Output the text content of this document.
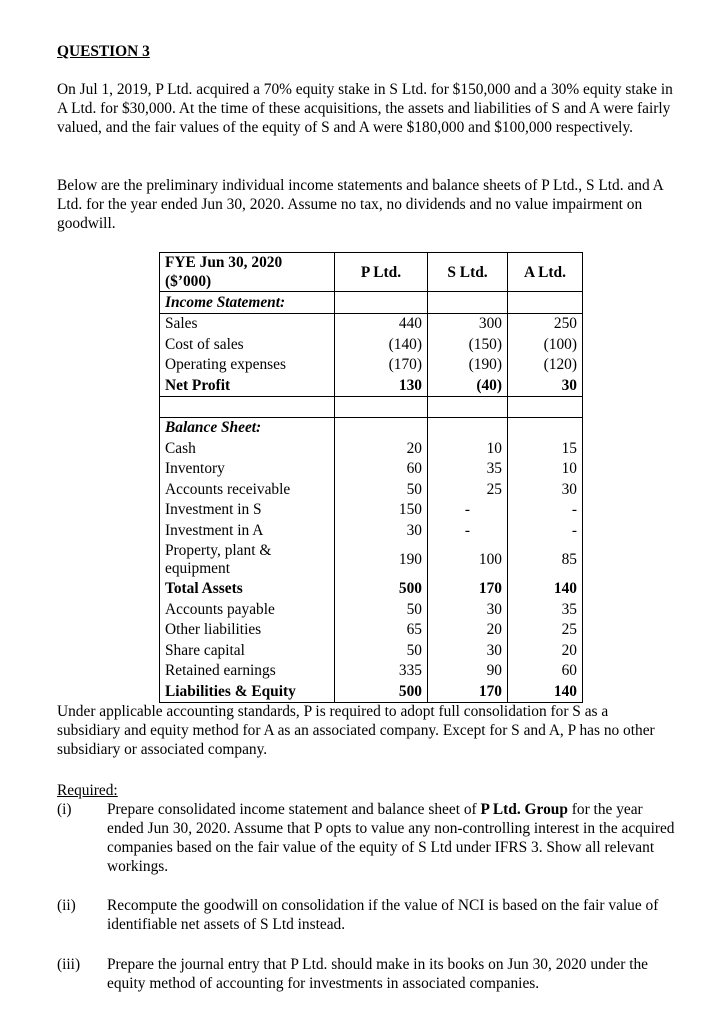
QUESTION 3

On Jul 1, 2019, P Ltd. acquired a 70% equity stake in S Ltd. for $150,000 and a 30% equity stake in A Ltd. for $30,000. At the time of these acquisitions, the assets and liabilities of S and A were fairly valued, and the fair values of the equity of S and A were $180,000 and $100,000 respectively.

Below are the preliminary individual income statements and balance sheets of P Ltd., S Ltd. and A Ltd. for the year ended Jun 30, 2020. Assume no tax, no dividends and no value impairment on goodwill.

FYE Jun 30, 2020 ($’000)	P Ltd.	S Ltd.	A Ltd.
Income Statement:			
Sales	440	300	250
Cost of sales	(140)	(150)	(100)
Operating expenses	(170)	(190)	(120)
Net Profit	130	(40)	30

Balance Sheet:			
Cash	20	10	15
Inventory	60	35	10
Accounts receivable	50	25	30
Investment in S	150	-	-
Investment in A	30	-	-
Property, plant & equipment	190	100	85
Total Assets	500	170	140
Accounts payable	50	30	35
Other liabilities	65	20	25
Share capital	50	30	20
Retained earnings	335	90	60
Liabilities & Equity	500	170	140

Under applicable accounting standards, P is required to adopt full consolidation for S as a subsidiary and equity method for A as an associated company. Except for S and A, P has no other subsidiary or associated company.

Required:
(i) Prepare consolidated income statement and balance sheet of P Ltd. Group for the year ended Jun 30, 2020. Assume that P opts to value any non-controlling interest in the acquired companies based on the fair value of the equity of S Ltd under IFRS 3. Show all relevant workings.
(ii) Recompute the goodwill on consolidation if the value of NCI is based on the fair value of identifiable net assets of S Ltd instead.
(iii) Prepare the journal entry that P Ltd. should make in its books on Jun 30, 2020 under the equity method of accounting for investments in associated companies.
